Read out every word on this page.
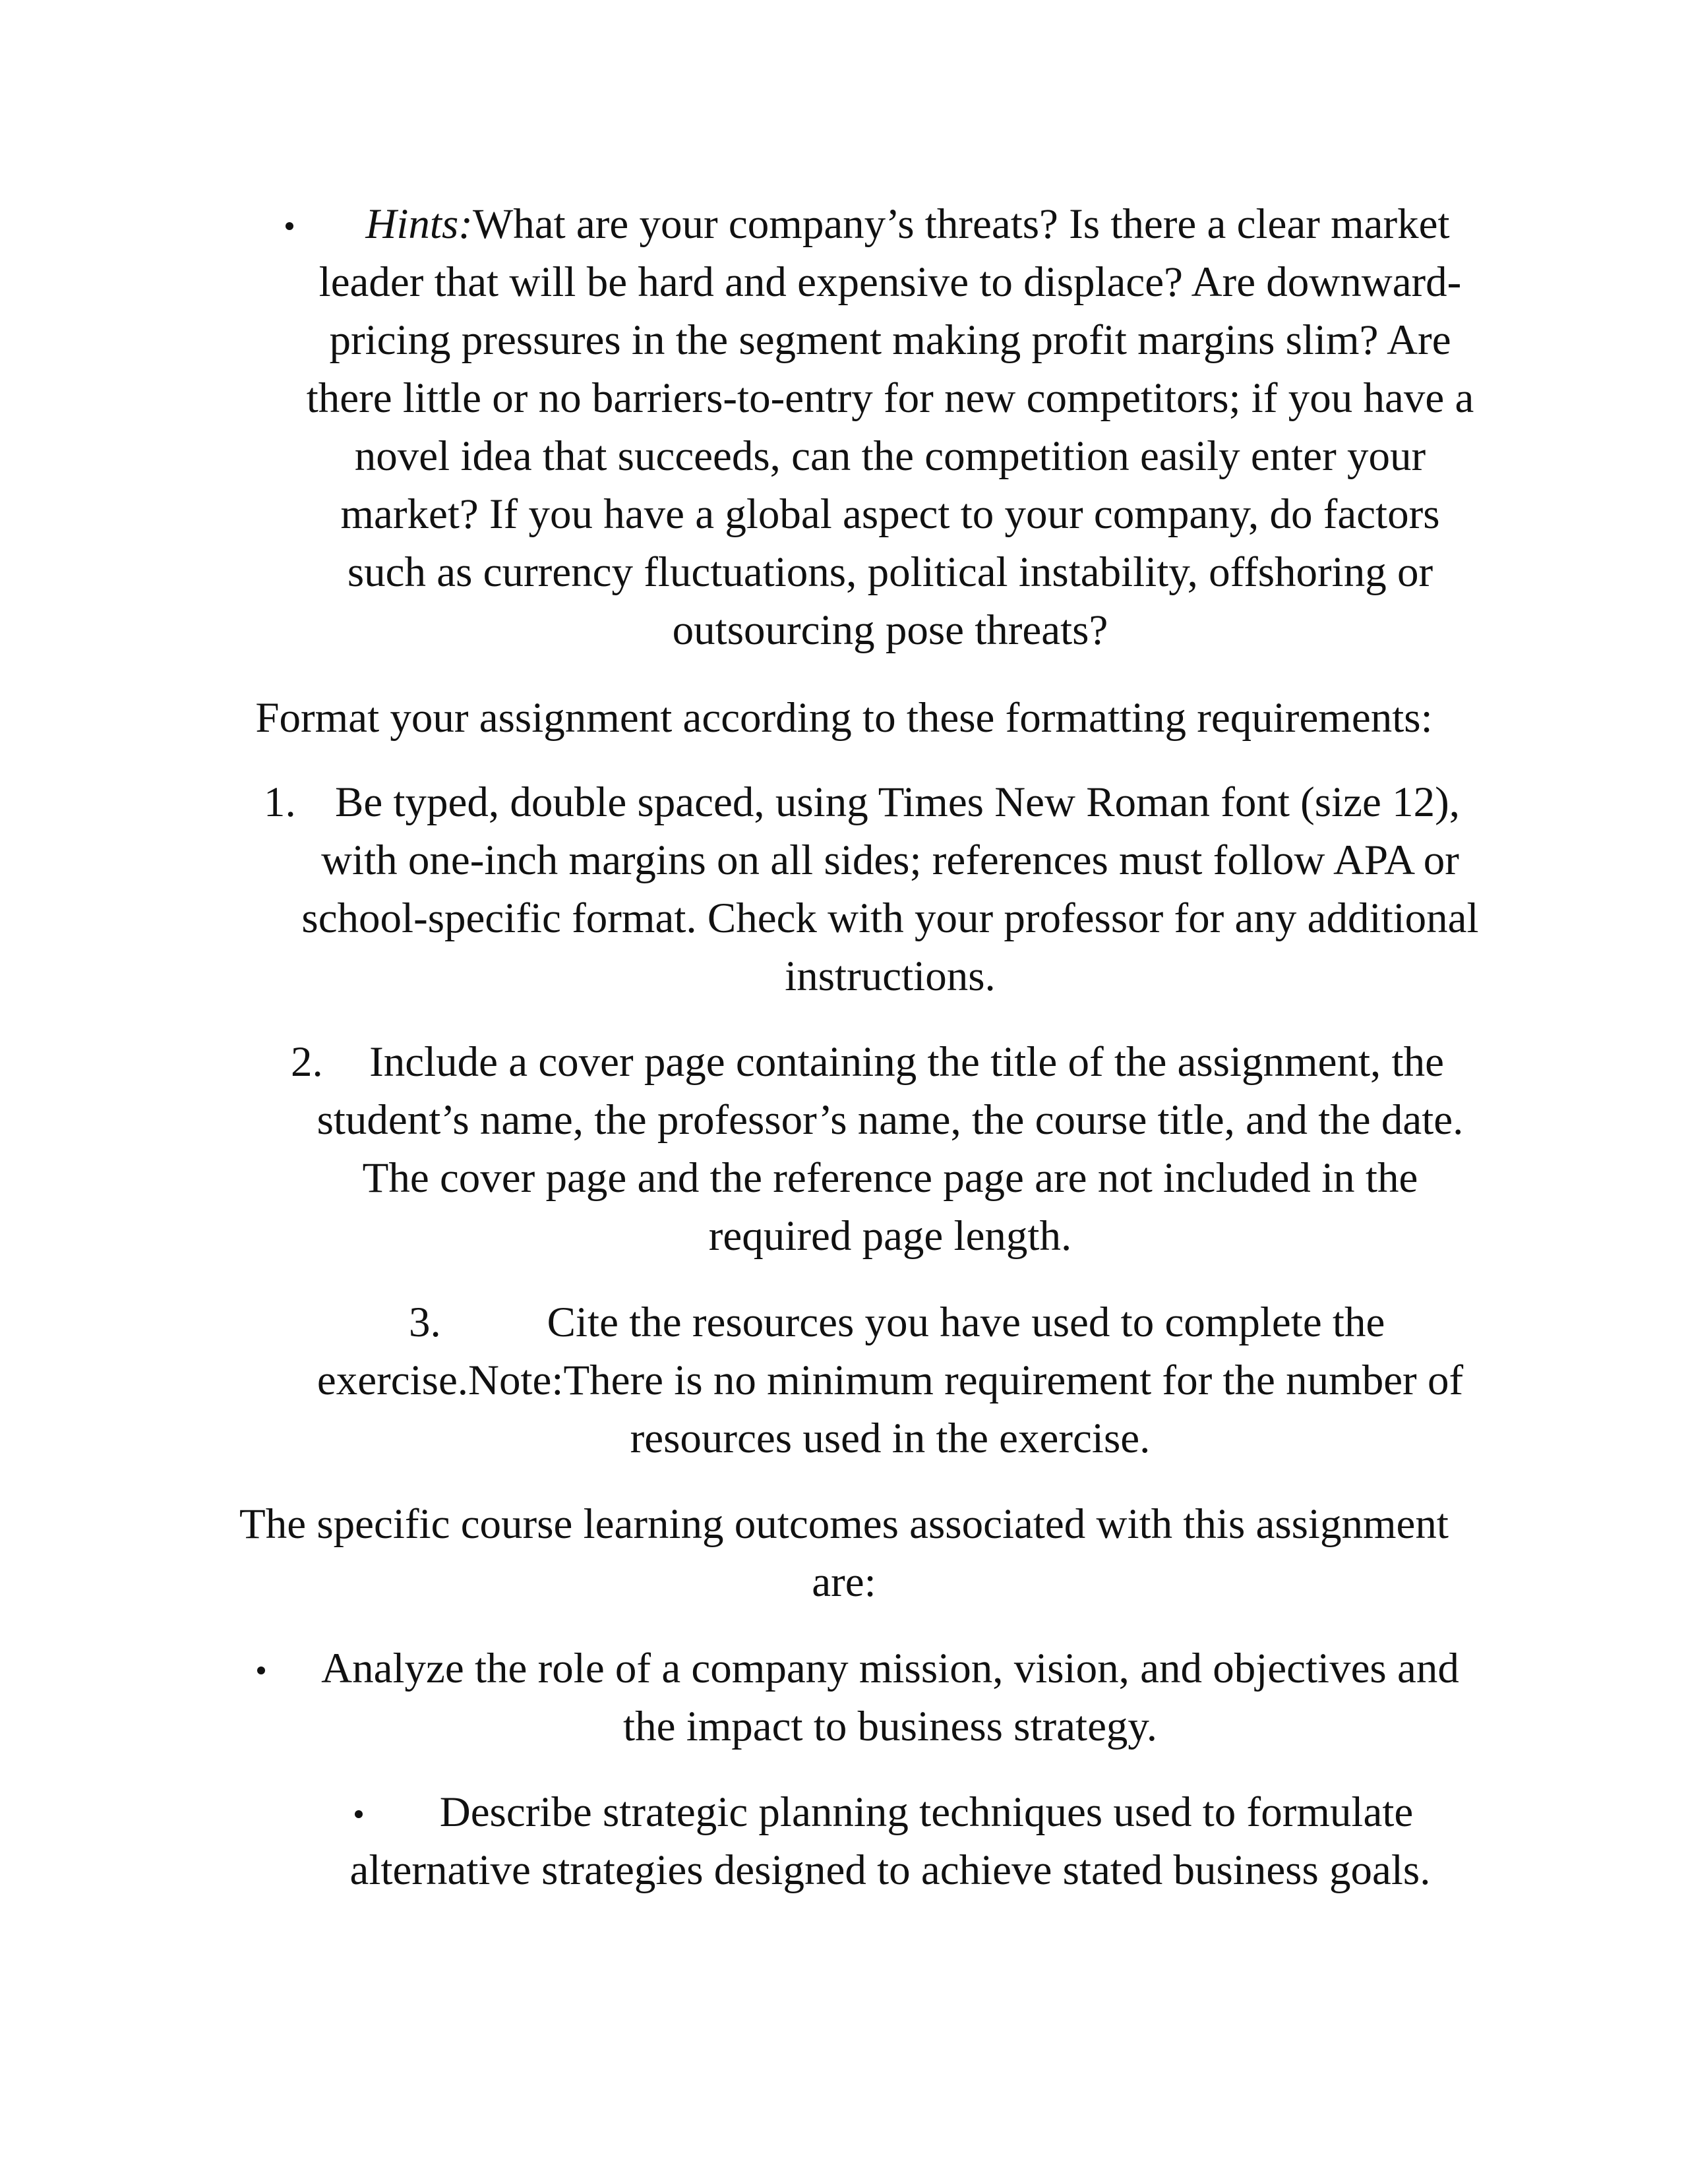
Hints:What are your company’s threats? Is there a clear market leader that will be hard and expensive to displace? Are downward-pricing pressures in the segment making profit margins slim? Are there little or no barriers-to-entry for new competitors; if you have a novel idea that succeeds, can the competition easily enter your market? If you have a global aspect to your company, do factors such as currency fluctuations, political instability, offshoring or outsourcing pose threats?
Format your assignment according to these formatting requirements:
1. Be typed, double spaced, using Times New Roman font (size 12), with one-inch margins on all sides; references must follow APA or school-specific format. Check with your professor for any additional instructions.
2.	Include a cover page containing the title of the assignment, the student’s name, the professor’s name, the course title, and the date. The cover page and the reference page are not included in the required page length.
3.	Cite the resources you have used to complete the exercise.Note:There is no minimum requirement for the number of resources used in the exercise.
The specific course learning outcomes associated with this assignment are:
Analyze the role of a company mission, vision, and objectives and the impact to business strategy.
Describe strategic planning techniques used to formulate alternative strategies designed to achieve stated business goals.
